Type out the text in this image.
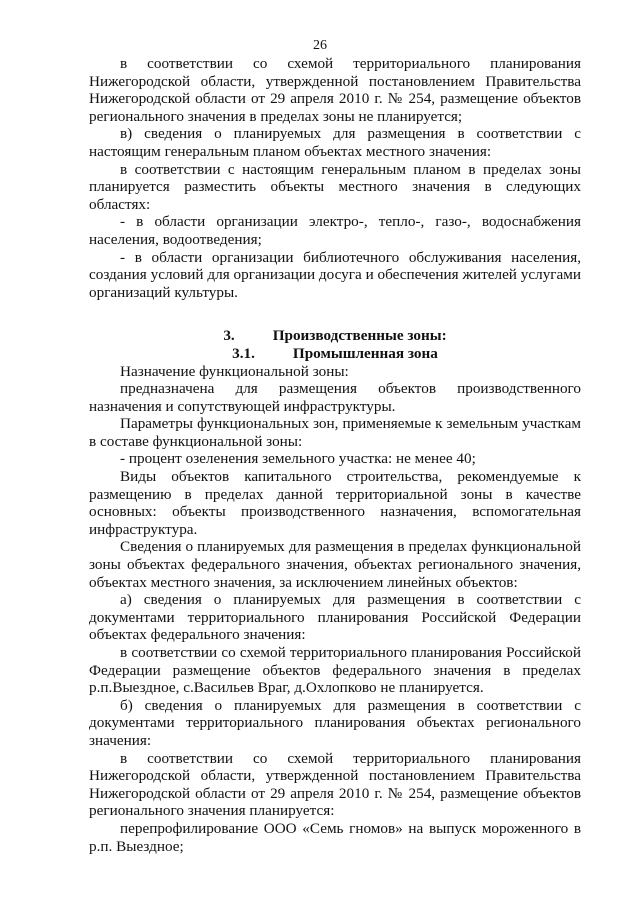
26

в соответствии со схемой территориального планирования Нижегородской области, утвержденной постановлением Правительства Нижегородской области от 29 апреля 2010 г. № 254, размещение объектов регионального значения в пределах зоны не планируется;

в) сведения о планируемых для размещения в соответствии с настоящим генеральным планом объектах местного значения:

в соответствии с настоящим генеральным планом в пределах зоны планируется разместить объекты местного значения в следующих областях:

- в области организации электро-, тепло-, газо-, водоснабжения населения, водоотведения;

- в области организации библиотечного обслуживания населения, создания условий для организации досуга и обеспечения жителей услугами организаций культуры.

3.	Производственные зоны:
3.1.	Промышленная зона

Назначение функциональной зоны:

предназначена для размещения объектов производственного назначения и сопутствующей инфраструктуры.

Параметры функциональных зон, применяемые к земельным участкам в составе функциональной зоны:

- процент озеленения земельного участка: не менее 40;

Виды объектов капитального строительства, рекомендуемые к размещению в пределах данной территориальной зоны в качестве основных: объекты производственного назначения, вспомогательная инфраструктура.

Сведения о планируемых для размещения в пределах функциональной зоны объектах федерального значения, объектах регионального значения, объектах местного значения, за исключением линейных объектов:

а) сведения о планируемых для размещения в соответствии с документами территориального планирования Российской Федерации объектах федерального значения:

в соответствии со схемой территориального планирования Российской Федерации размещение объектов федерального значения в пределах р.п.Выездное, с.Васильев Враг, д.Охлопково не планируется.

б) сведения о планируемых для размещения в соответствии с документами территориального планирования объектах регионального значения:

в соответствии со схемой территориального планирования Нижегородской области, утвержденной постановлением Правительства Нижегородской области от 29 апреля 2010 г. № 254, размещение объектов регионального значения планируется:

перепрофилирование ООО «Семь гномов» на выпуск мороженного в р.п. Выездное;
